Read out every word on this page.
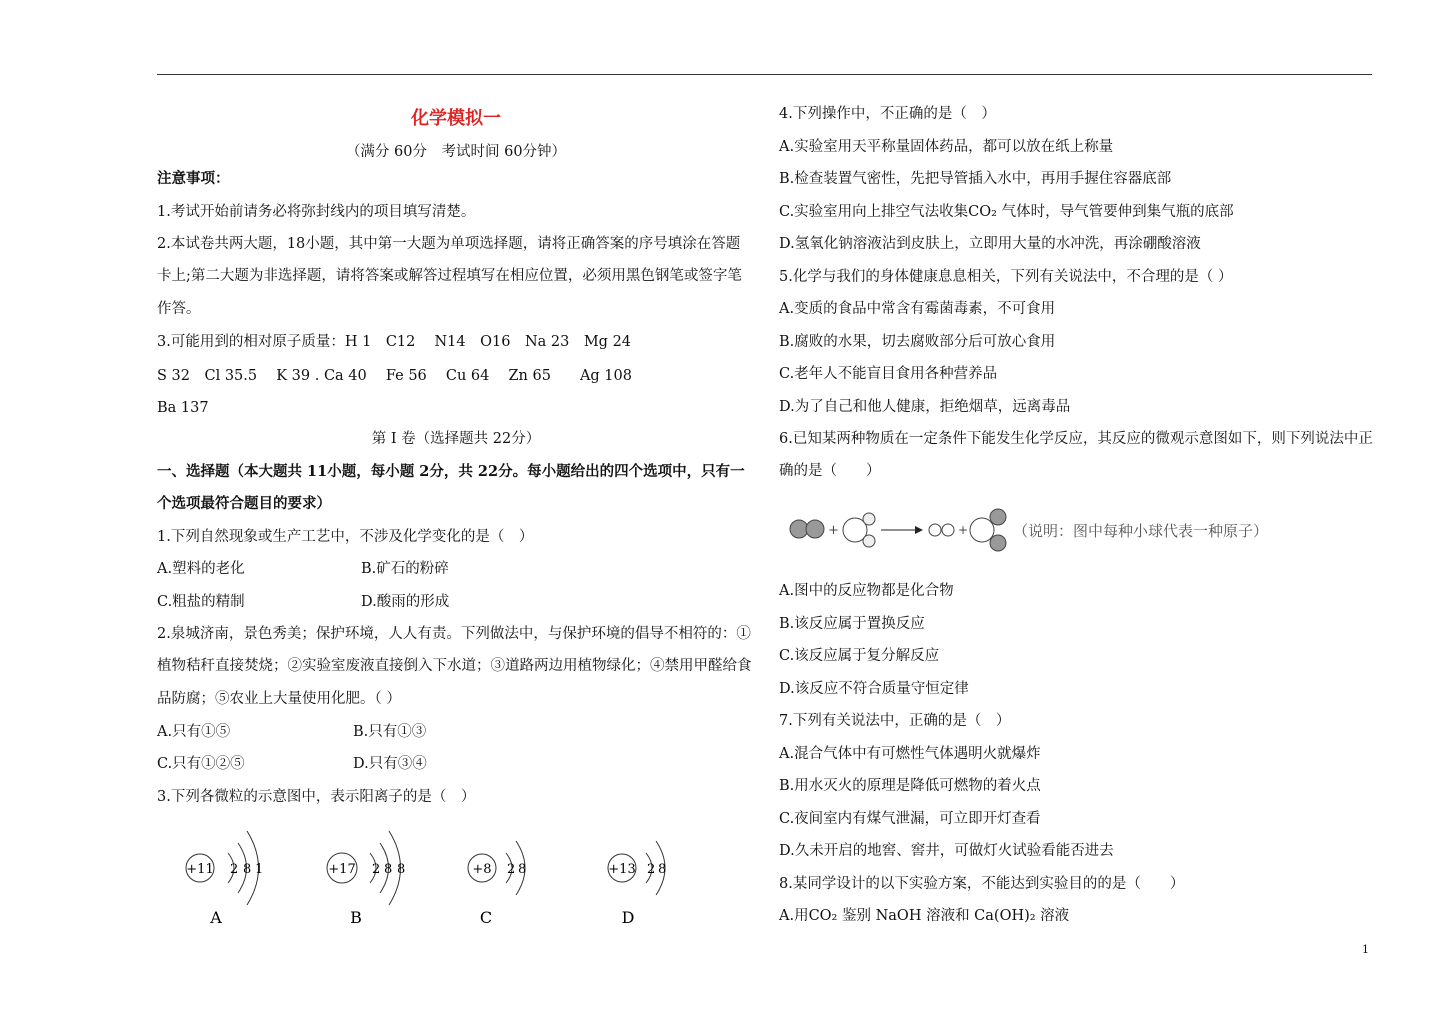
化学模拟一
（满分 60分　考试时间 60分钟）
注意事项：
1.考试开始前请务必将弥封线内的项目填写清楚。
2.本试卷共两大题，18小题，其中第一大题为单项选择题，请将正确答案的序号填涂在答题
卡上;第二大题为非选择题，请将答案或解答过程填写在相应位置，必须用黑色钢笔或签字笔
作答。
3.可能用到的相对原子质量：H 1　C12　 N14　O16　Na 23　Mg 24
S 32　Cl 35.5　 K 39 . Ca 40　 Fe 56　 Cu 64　 Zn 65　　Ag 108
Ba 137
第 I 卷（选择题共 22分）
一、选择题（本大题共 11小题，每小题 2分，共 22分。每小题给出的四个选项中，只有一
个选项最符合题目的要求）
1.下列自然现象或生产工艺中，不涉及化学变化的是（　）
A.塑料的老化	B.矿石的粉碎
C.粗盐的精制	D.酸雨的形成
2.泉城济南，景色秀美；保护环境，人人有责。下列做法中，与保护环境的倡导不相符的：①
植物秸秆直接焚烧；②实验室废液直接倒入下水道；③道路两边用植物绿化；④禁用甲醛给食
品防腐；⑤农业上大量使用化肥。（ ）
A.只有①⑤	B.只有①③
C.只有①②⑤	D.只有③④
3.下列各微粒的示意图中，表示阳离子的是（　）
+11 2 8 1
A
+17 2 8 8
B
+8 2 8
C
+13 2 8
D
4.下列操作中，不正确的是（　）
A.实验室用天平称量固体药品，都可以放在纸上称量
B.检查装置气密性，先把导管插入水中，再用手握住容器底部
C.实验室用向上排空气法收集CO₂ 气体时，导气管要伸到集气瓶的底部
D.氢氧化钠溶液沾到皮肤上，立即用大量的水冲洗，再涂硼酸溶液
5.化学与我们的身体健康息息相关，下列有关说法中，不合理的是（ ）
A.变质的食品中常含有霉菌毒素，不可食用
B.腐败的水果，切去腐败部分后可放心食用
C.老年人不能盲目食用各种营养品
D.为了自己和他人健康，拒绝烟草，远离毒品
6.已知某两种物质在一定条件下能发生化学反应，其反应的微观示意图如下，则下列说法中正
确的是（　　）
+	+	（说明：图中每种小球代表一种原子）
A.图中的反应物都是化合物
B.该反应属于置换反应
C.该反应属于复分解反应
D.该反应不符合质量守恒定律
7.下列有关说法中，正确的是（　）
A.混合气体中有可燃性气体遇明火就爆炸
B.用水灭火的原理是降低可燃物的着火点
C.夜间室内有煤气泄漏，可立即开灯查看
D.久未开启的地窖、窖井，可做灯火试验看能否进去
8.某同学设计的以下实验方案，不能达到实验目的的是（　　）
A.用CO₂ 鉴别 NaOH 溶液和 Ca(OH)₂ 溶液
1
